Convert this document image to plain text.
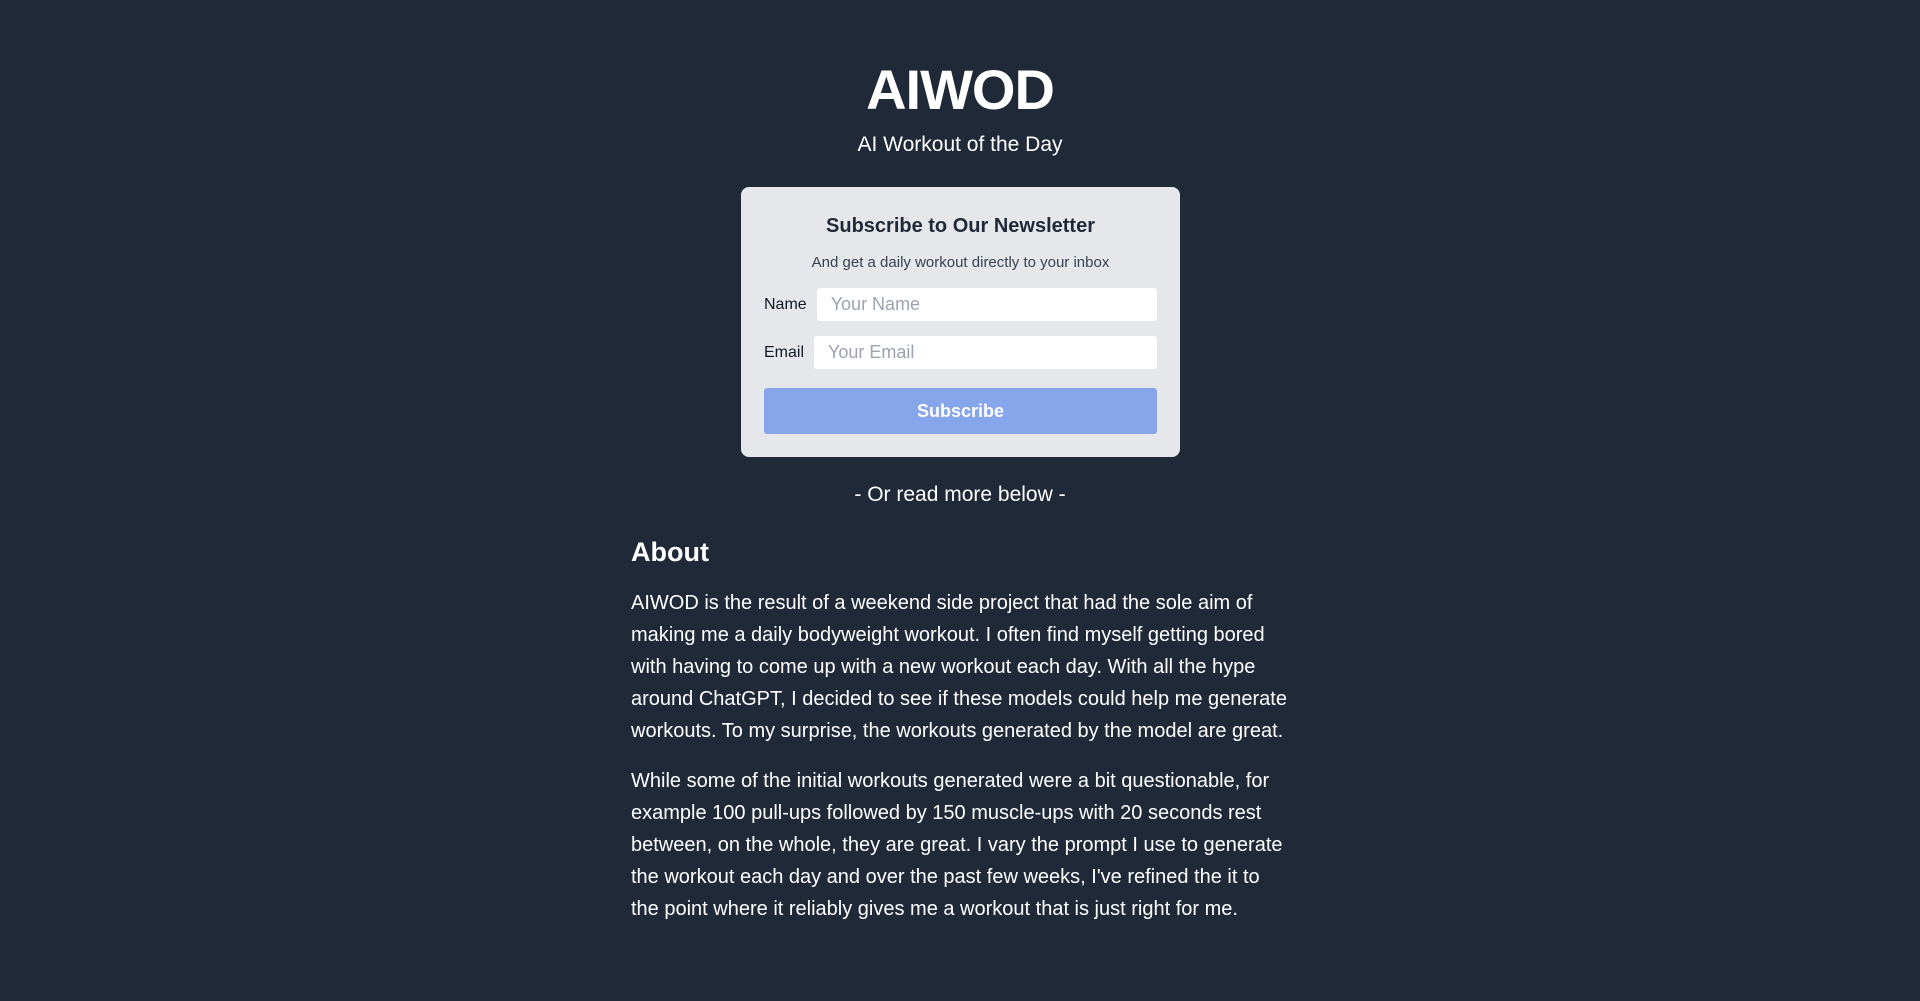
AIWOD

AI Workout of the Day

Subscribe to Our Newsletter

And get a daily workout directly to your inbox

Name
Your Name
Email
Your Email
Subscribe

- Or read more below -

About

AIWOD is the result of a weekend side project that had the sole aim of making me a daily bodyweight workout. I often find myself getting bored with having to come up with a new workout each day. With all the hype around ChatGPT, I decided to see if these models could help me generate workouts. To my surprise, the workouts generated by the model are great.

While some of the initial workouts generated were a bit questionable, for example 100 pull-ups followed by 150 muscle-ups with 20 seconds rest between, on the whole, they are great. I vary the prompt I use to generate the workout each day and over the past few weeks, I've refined the it to the point where it reliably gives me a workout that is just right for me.
